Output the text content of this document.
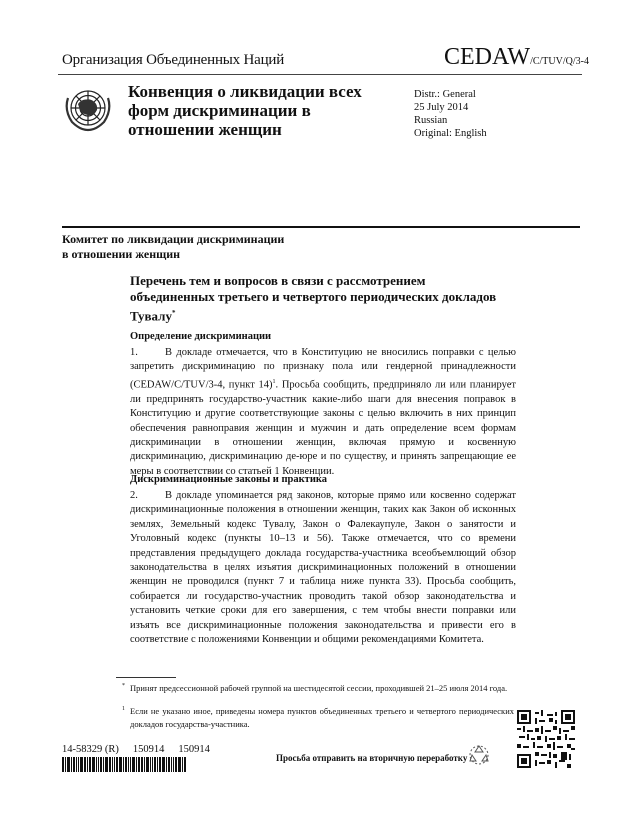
Организация Объединенных Наций	CEDAW/C/TUV/Q/3-4
Конвенция о ликвидации всех
форм дискриминации в
отношении женщин
Distr.: General
25 July 2014
Russian
Original: English
Комитет по ликвидации дискриминации
в отношении женщин
Перечень тем и вопросов в связи с рассмотрением
объединенных третьего и четвертого периодических докладов
Тувалу*
Определение дискриминации
1.	В докладе отмечается, что в Конституцию не вносились поправки с целью запретить дискриминацию по признаку пола или гендерной принадлежности (CEDAW/C/TUV/3-4, пункт 14)$^1$. Просьба сообщить, предприняло ли или планирует ли предпринять государство-участник какие-либо шаги для внесения поправок в Конституцию и другие соответствующие законы с целью включить в них принцип обеспечения равноправия женщин и мужчин и дать определение всем формам дискриминации в отношении женщин, включая прямую и косвенную дискриминацию, дискриминацию де-юре и по существу, и принять запрещающие ее меры в соответствии со статьей 1 Конвенции.
Дискриминационные законы и практика
2.	В докладе упоминается ряд законов, которые прямо или косвенно содержат дискриминационные положения в отношении женщин, таких как Закон об исконных землях, Земельный кодекс Тувалу, Закон о Фалекаупуле, Закон о занятости и Уголовный кодекс (пункты 10–13 и 56). Также отмечается, что со времени представления предыдущего доклада государства-участника всеобъемлющий обзор законодательства в целях изъятия дискриминационных положений в отношении женщин не проводился (пункт 7 и таблица ниже пункта 33). Просьба сообщить, собирается ли государство-участник проводить такой обзор законодательства и установить четкие сроки для его завершения, с тем чтобы внести поправки или изъять все дискриминационные положения законодательства и привести его в соответствие с положениями Конвенции и общими рекомендациями Комитета.
* Принят предсессионной рабочей группой на шестидесятой сессии, проходившей 21–25 июля 2014 года.
1 Если не указано иное, приведены номера пунктов объединенных третьего и четвертого периодических докладов государства-участника.
14-58329 (R) 150914 150914
Просьба отправить на вторичную переработку
